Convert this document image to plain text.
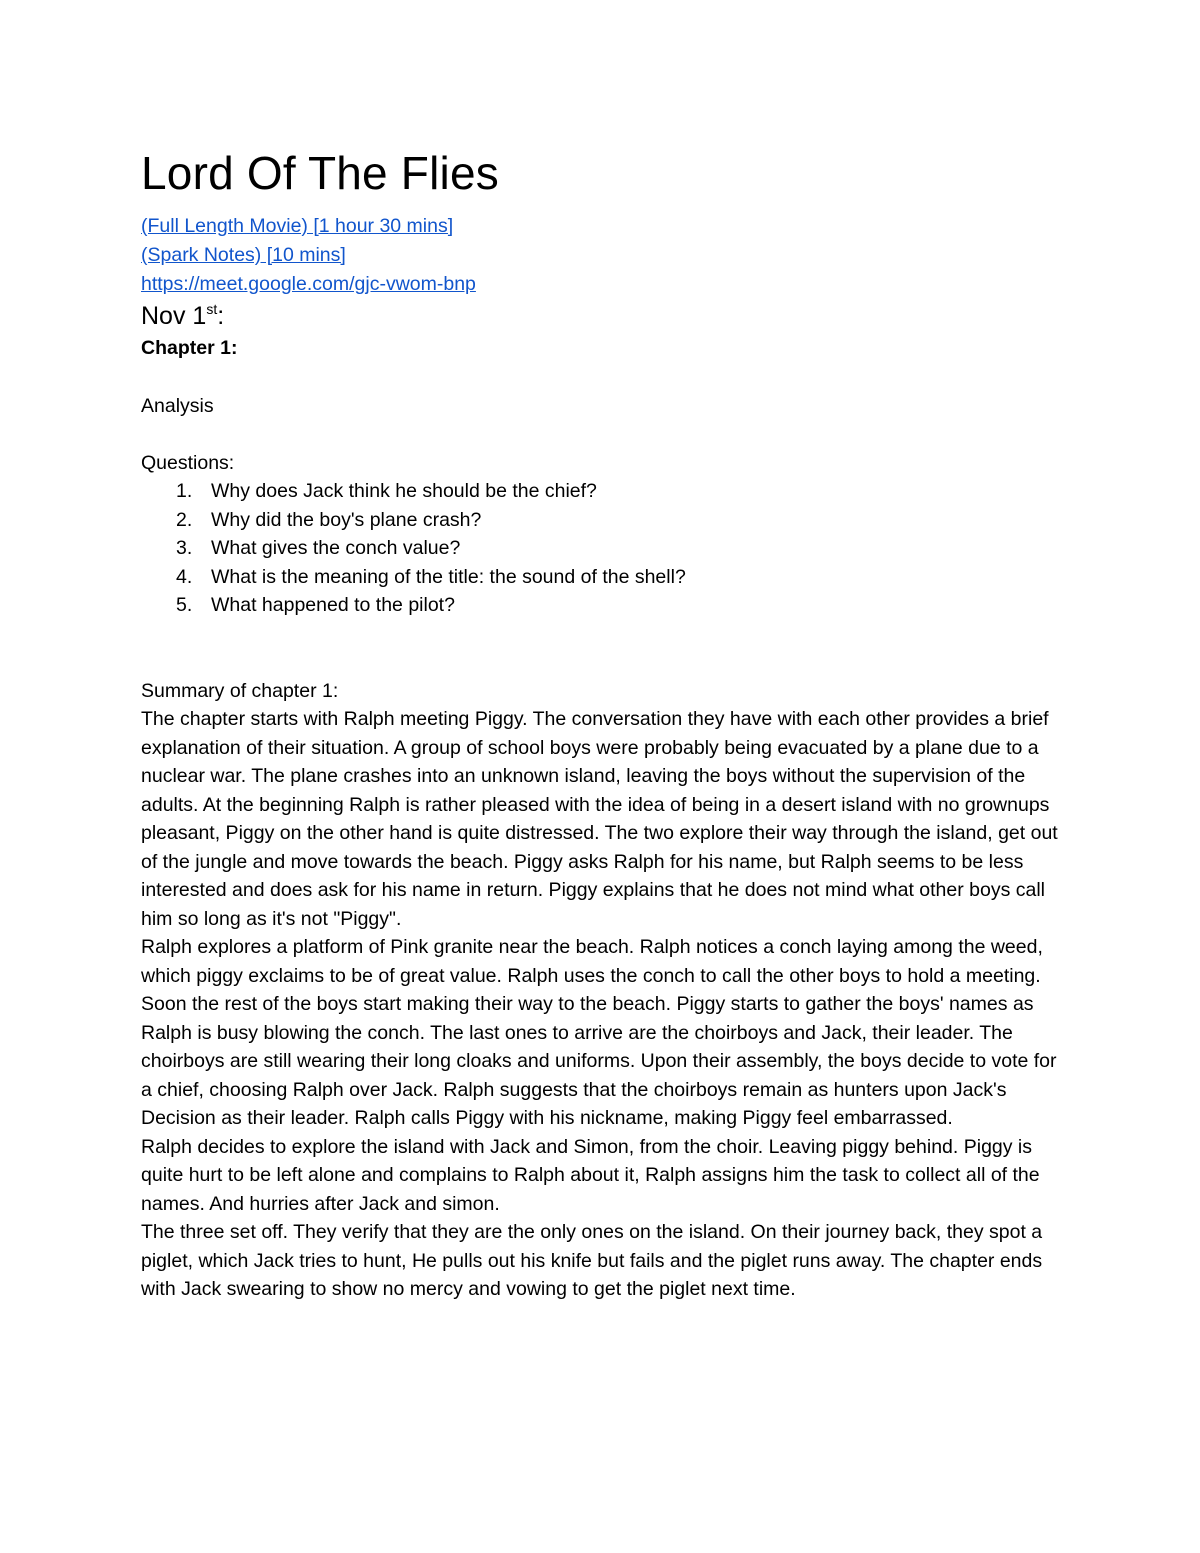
Lord Of The Flies
(Full Length Movie) [1 hour 30 mins]
(Spark Notes) [10 mins]
https://meet.google.com/gjc-vwom-bnp
Nov 1st:
Chapter 1:

Analysis

Questions:

1. Why does Jack think he should be the chief?
2. Why did the boy's plane crash?
3. What gives the conch value?
4. What is the meaning of the title: the sound of the shell?
5. What happened to the pilot?

Summary of chapter 1:

The chapter starts with Ralph meeting Piggy. The conversation they have with each other provides a brief explanation of their situation. A group of school boys were probably being evacuated by a plane due to a nuclear war. The plane crashes into an unknown island, leaving the boys without the supervision of the adults. At the beginning Ralph is rather pleased with the idea of being in a desert island with no grownups pleasant, Piggy on the other hand is quite distressed. The two explore their way through the island, get out of the jungle and move towards the beach. Piggy asks Ralph for his name, but Ralph seems to be less interested and does ask for his name in return. Piggy explains that he does not mind what other boys call him so long as it's not "Piggy".

Ralph explores a platform of Pink granite near the beach. Ralph notices a conch laying among the weed, which piggy exclaims to be of great value. Ralph uses the conch to call the other boys to hold a meeting. Soon the rest of the boys start making their way to the beach. Piggy starts to gather the boys' names as Ralph is busy blowing the conch. The last ones to arrive are the choirboys and Jack, their leader. The choirboys are still wearing their long cloaks and uniforms. Upon their assembly, the boys decide to vote for a chief, choosing Ralph over Jack. Ralph suggests that the choirboys remain as hunters upon Jack's Decision as their leader. Ralph calls Piggy with his nickname, making Piggy feel embarrassed.

Ralph decides to explore the island with Jack and Simon, from the choir. Leaving piggy behind. Piggy is quite hurt to be left alone and complains to Ralph about it, Ralph assigns him the task to collect all of the names. And hurries after Jack and simon.

The three set off. They verify that they are the only ones on the island. On their journey back, they spot a piglet, which Jack tries to hunt, He pulls out his knife but fails and the piglet runs away. The chapter ends with Jack swearing to show no mercy and vowing to get the piglet next time.
